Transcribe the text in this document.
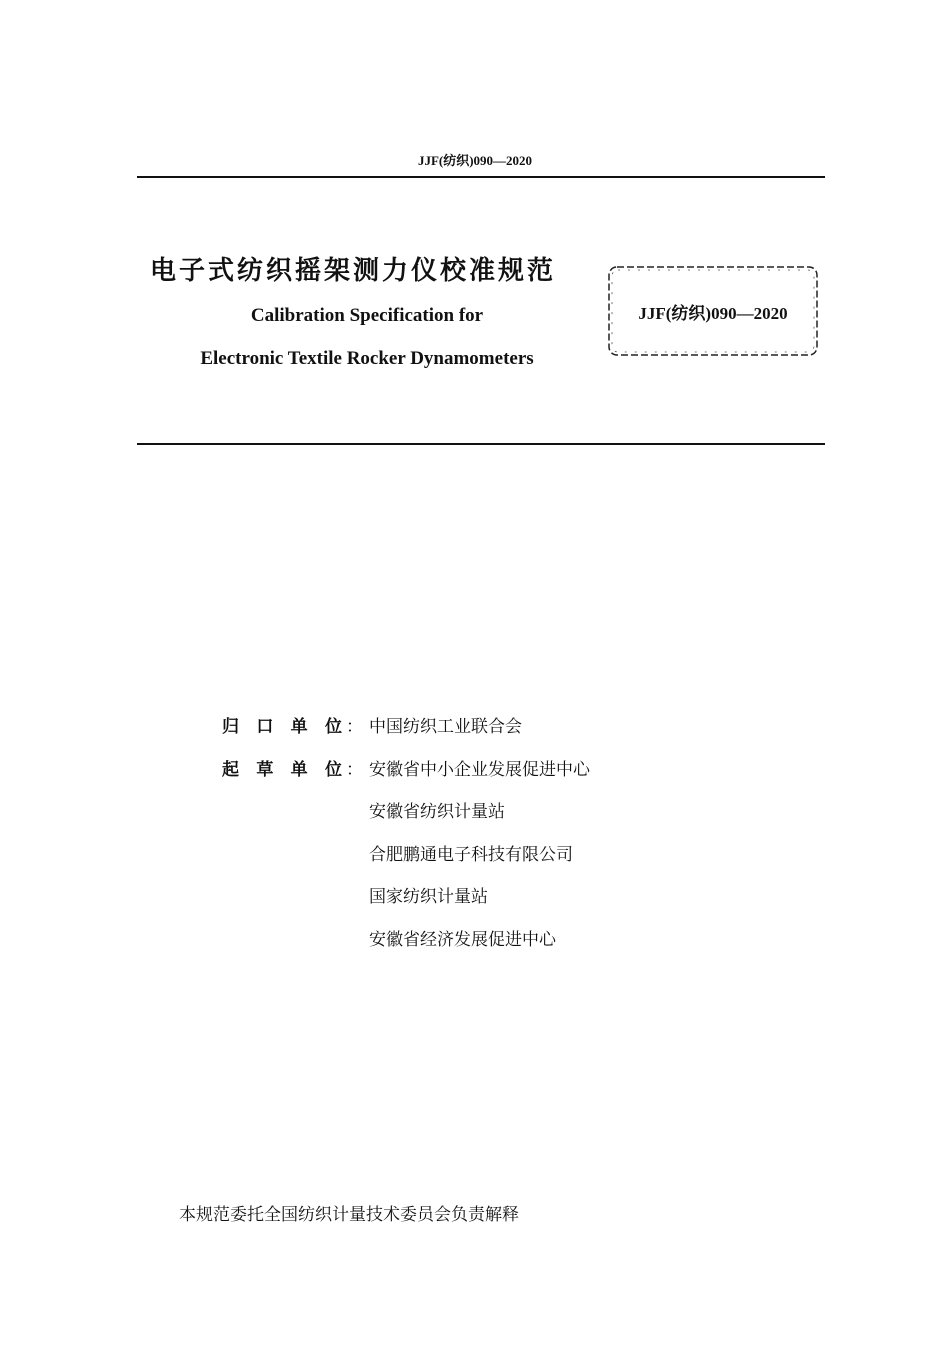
JJF(纺织)090—2020
电子式纺织摇架测力仪校准规范
Calibration Specification for
Electronic Textile Rocker Dynamometers
JJF(纺织)090—2020
归 口 单 位 ： 中国纺织工业联合会
起 草 单 位 ： 安徽省中小企业发展促进中心
安徽省纺织计量站
合肥鹏通电子科技有限公司
国家纺织计量站
安徽省经济发展促进中心
本规范委托全国纺织计量技术委员会负责解释
